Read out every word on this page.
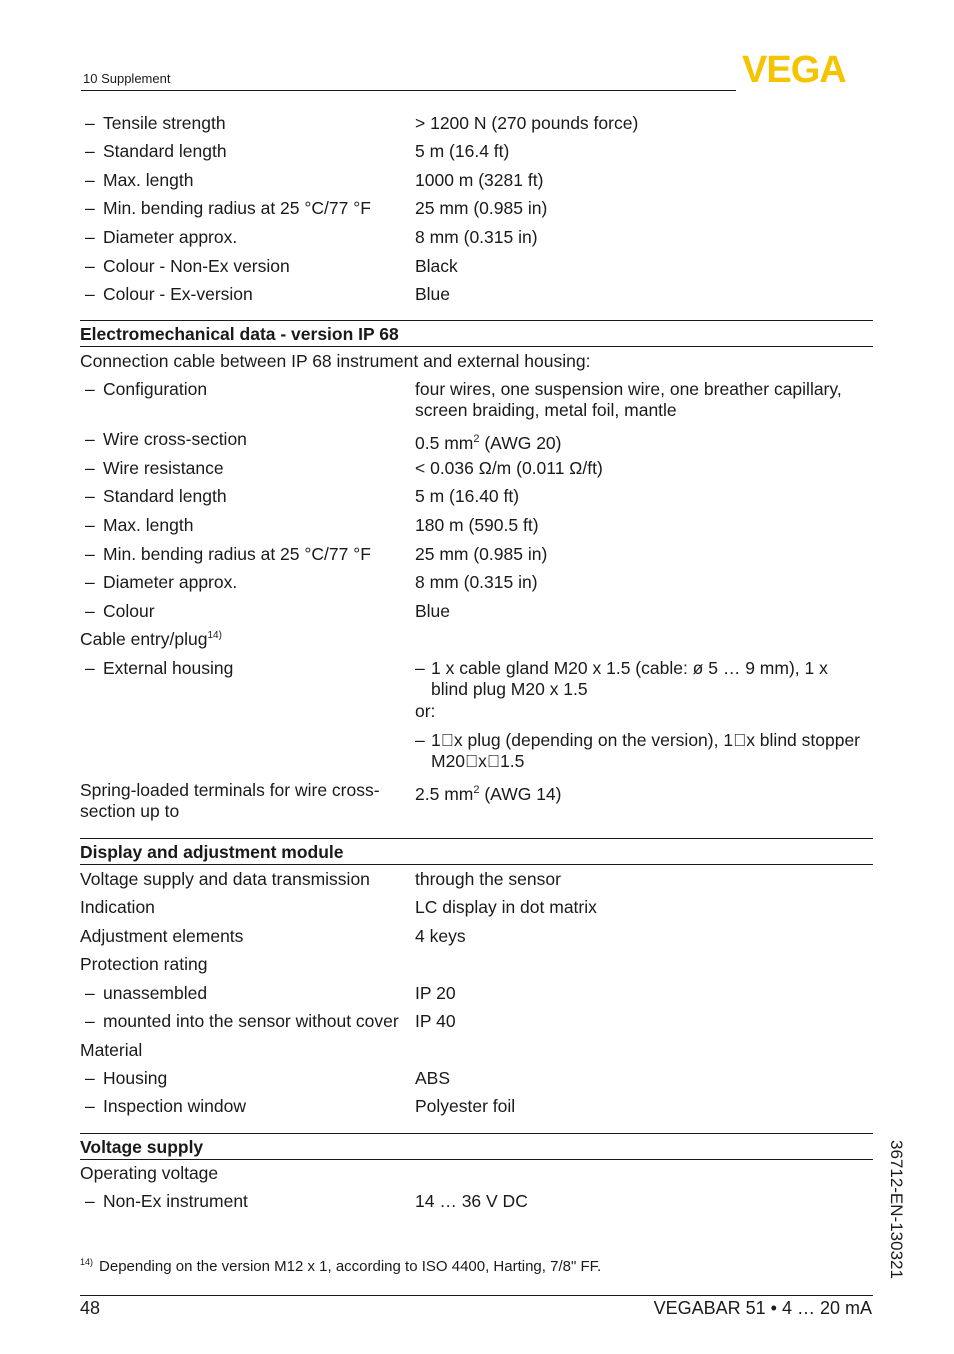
10 Supplement	VEGA
– Tensile strength	> 1200 N (270 pounds force)
– Standard length	5 m (16.4 ft)
– Max. length	1000 m (3281 ft)
– Min. bending radius at 25 °C/77 °F	25 mm (0.985 in)
– Diameter approx.	8 mm (0.315 in)
– Colour - Non-Ex version	Black
– Colour - Ex-version	Blue
Electromechanical data - version IP 68
Connection cable between IP 68 instrument and external housing:
– Configuration	four wires, one suspension wire, one breather capillary, screen braiding, metal foil, mantle
– Wire cross-section	0.5 $mm^2$ (AWG 20)
– Wire resistance	< 0.036 Ω/m (0.011 Ω/ft)
– Standard length	5 m (16.40 ft)
– Max. length	180 m (590.5 ft)
– Min. bending radius at 25 °C/77 °F	25 mm (0.985 in)
– Diameter approx.	8 mm (0.315 in)
– Colour	Blue
Cable entry/plug$^{14)}$
– External housing
–	1 x cable gland M20 x 1.5 (cable: ø 5 … 9 mm), 1 x blind plug M20 x 1.5
or:
– 1 x plug (depending on the version), 1 x blind stopper M20 x 1.5
Spring-loaded terminals for wire cross-section up to
2.5 $mm^2$ (AWG 14)
Display and adjustment module
Voltage supply and data transmission	through the sensor
Indication	LC display in dot matrix
Adjustment elements	4 keys
Protection rating
– unassembled	IP 20
– mounted into the sensor without cover IP 40
Material
– Housing	ABS
– Inspection window	Polyester foil
Voltage supply
Operating voltage
– Non-Ex instrument	14 … 36 V DC
$^{14)}$ Depending on the version M12 x 1, according to ISO 4400, Harting, 7/8" FF.
48	VEGABAR 51 • 4 … 20 mA
36712-EN-130321
